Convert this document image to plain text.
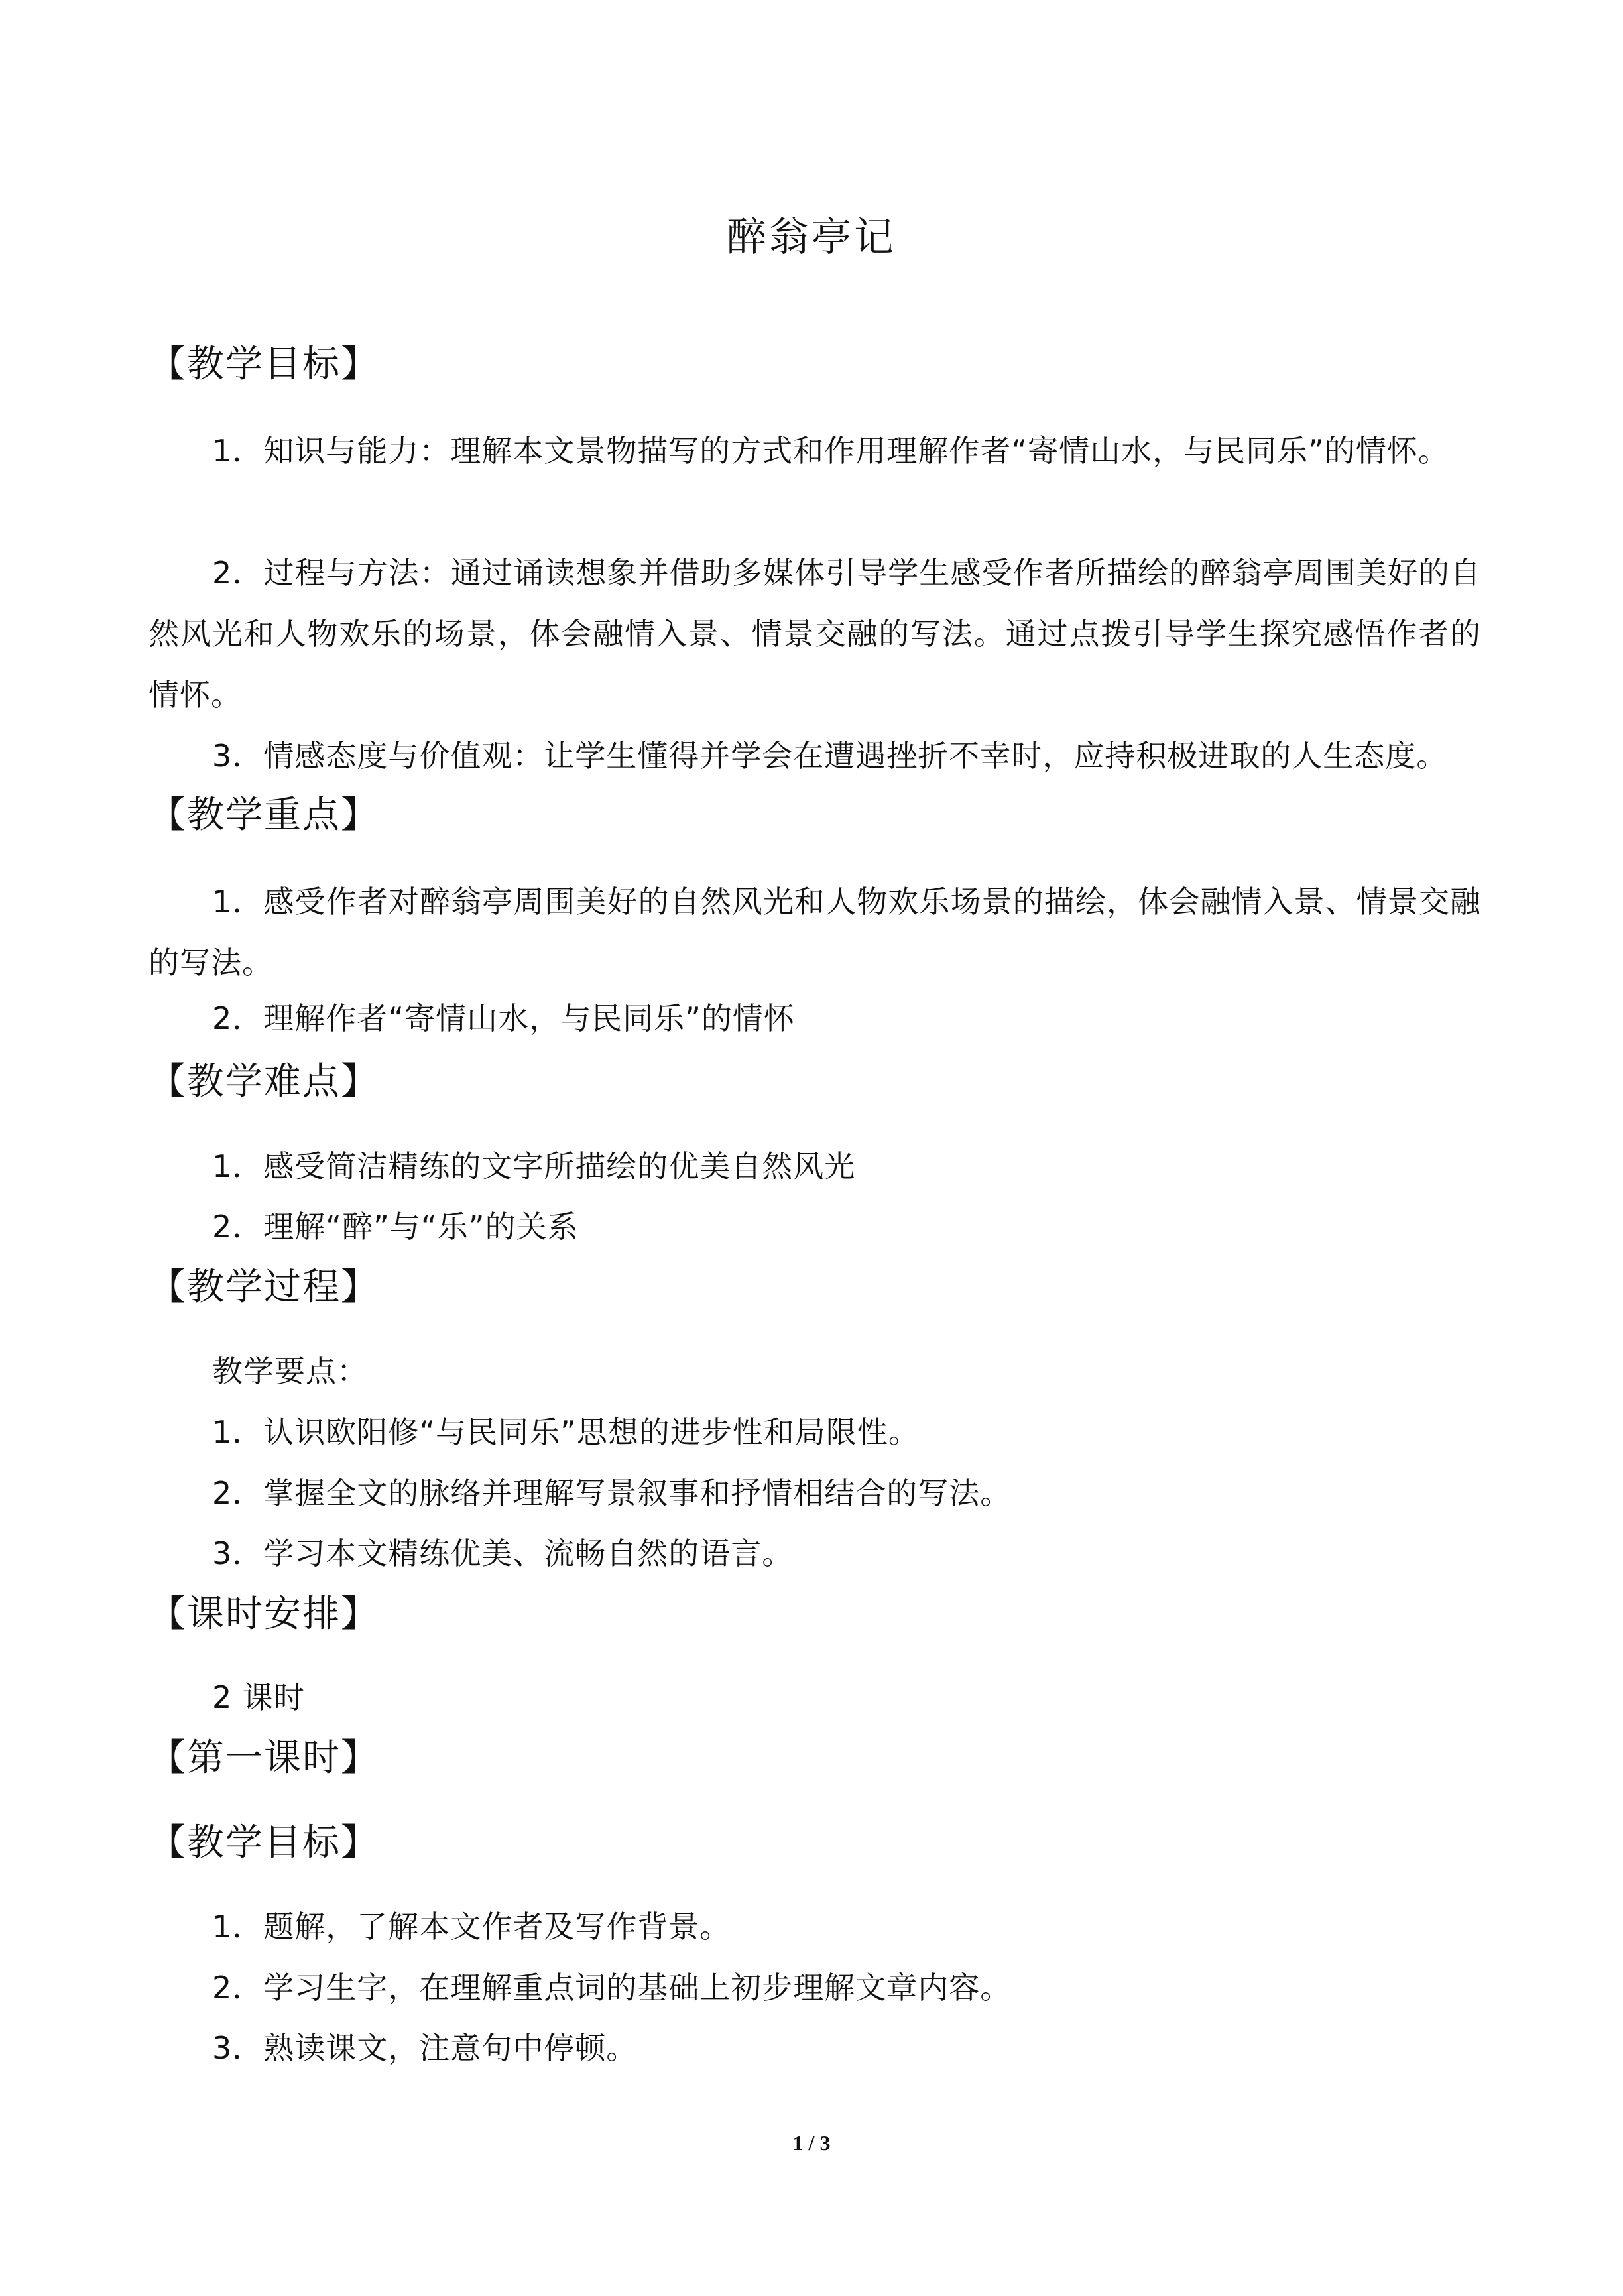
醉翁亭记
【教学目标】
1．知识与能力：理解本文景物描写的方式和作用理解作者“寄情山水，与民同乐”的情怀。
2．过程与方法：通过诵读想象并借助多媒体引导学生感受作者所描绘的醉翁亭周围美好的自然风光和人物欢乐的场景，体会融情入景、情景交融的写法。通过点拨引导学生探究感悟作者的情怀。
3．情感态度与价值观：让学生懂得并学会在遭遇挫折不幸时，应持积极进取的人生态度。
【教学重点】
1．感受作者对醉翁亭周围美好的自然风光和人物欢乐场景的描绘，体会融情入景、情景交融的写法。
2．理解作者“寄情山水，与民同乐”的情怀
【教学难点】
1．感受简洁精练的文字所描绘的优美自然风光
2．理解“醉”与“乐”的关系
【教学过程】
教学要点：
1．认识欧阳修“与民同乐”思想的进步性和局限性。
2．掌握全文的脉络并理解写景叙事和抒情相结合的写法。
3．学习本文精练优美、流畅自然的语言。
【课时安排】
2 课时
【第一课时】
【教学目标】
1．题解，了解本文作者及写作背景。
2．学习生字，在理解重点词的基础上初步理解文章内容。
3．熟读课文，注意句中停顿。
1 / 3
